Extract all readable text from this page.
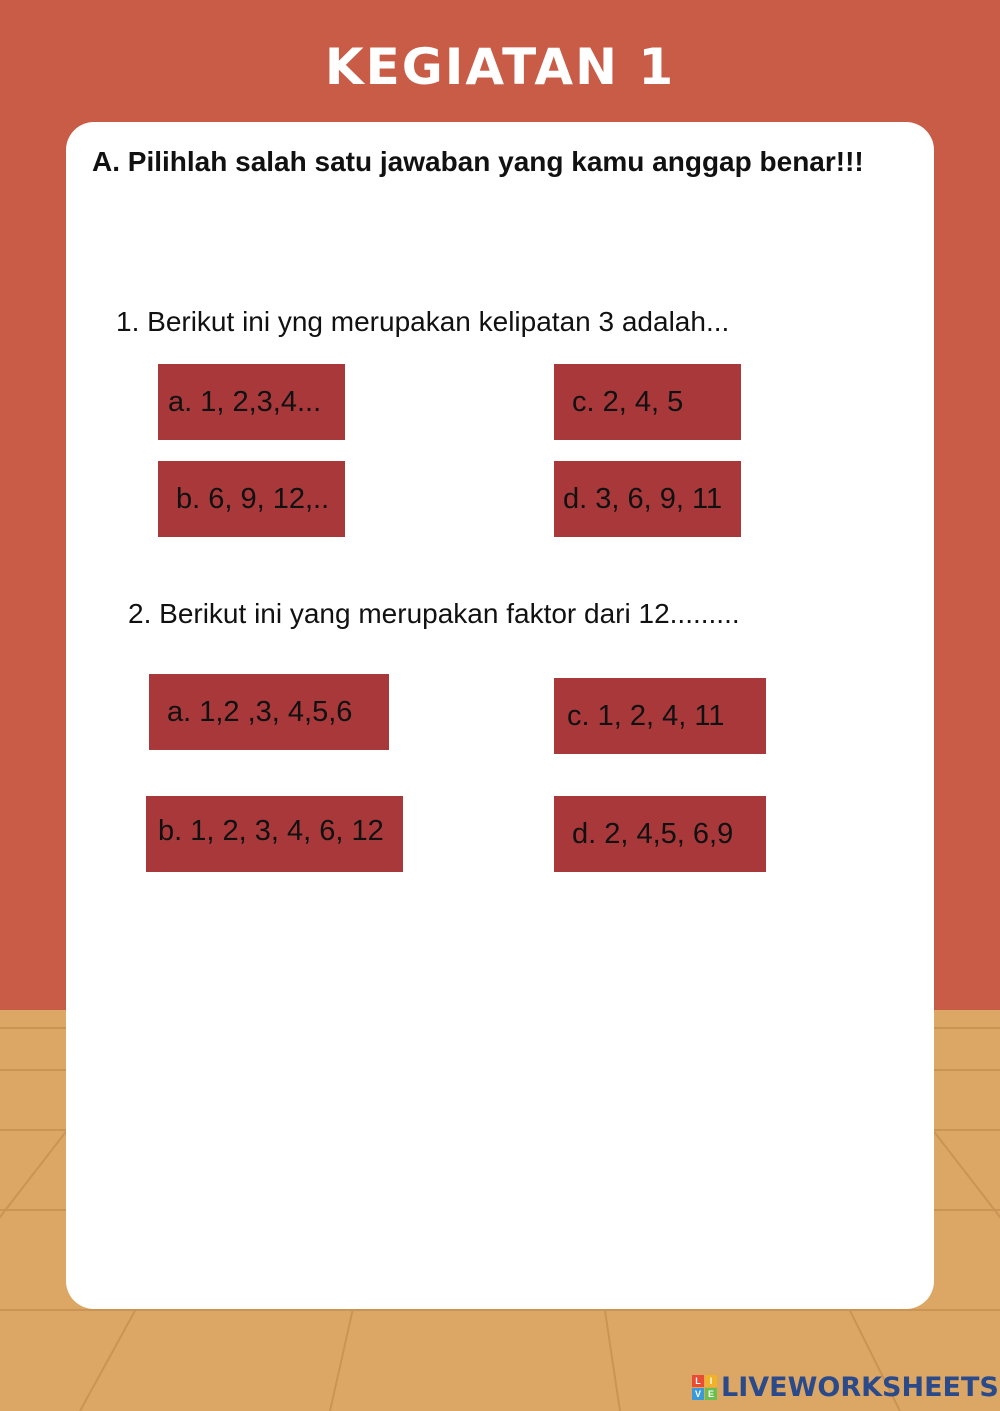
KEGIATAN 1
A. Pilihlah salah satu jawaban yang kamu anggap benar!!!
1. Berikut ini yng merupakan kelipatan 3 adalah...
a. 1, 2,3,4...
b. 6, 9, 12,..
c. 2, 4, 5
d. 3, 6, 9, 11
2. Berikut ini yang merupakan faktor dari 12.........
a. 1,2 ,3, 4,5,6
b. 1, 2, 3, 4, 6, 12
c. 1, 2, 4, 11
d. 2, 4,5, 6,9
L I
V E LIVEWORKSHEETS
